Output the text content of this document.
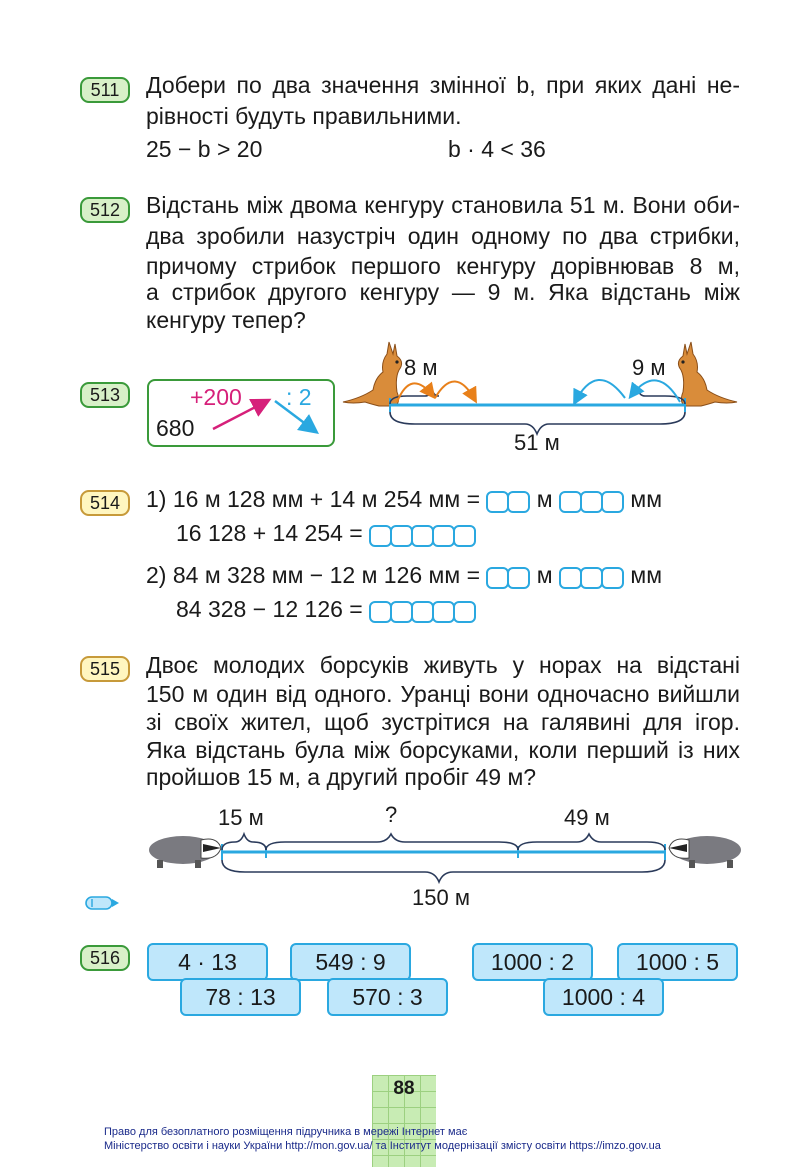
511	Добери по два значення змінної b, при яких дані не-
рівності будуть правильними.
25 − b > 20	b · 4 < 36
512	Відстань між двома кенгуру становила 51 м. Вони оби-
два зробили назустріч один одному по два стрибки,
причому стрибок першого кенгуру дорівнював 8 м,
а стрибок другого кенгуру — 9 м. Яка відстань між
кенгуру тепер?
513	+200 : 2
680
8 м	9 м
51 м
514	1) 16 м 128 мм + 14 м 254 мм = м	мм
16 128 + 14 254 =
2) 84 м 328 мм − 12 м 126 мм = м	мм
84 328 − 12 126 =
515	Двоє молодих борсуків живуть у норах на відстані
150 м один від одного. Уранці вони одночасно вийшли
зі своїх жител, щоб зустрітися на галявині для ігор.
Яка відстань була між борсуками, коли перший із них
пройшов 15 м, а другий пробіг 49 м?
15 м	?	49 м
150 м
516	4 · 13	549 : 9	1000 : 2	1000 : 5
78 : 13	570 : 3	1000 : 4
88
Право для безоплатного розміщення підручника в мережі Інтернет має
Міністерство освіти і науки України http://mon.gov.ua/ та Інститут модернізації змісту освіти https://imzo.gov.ua
